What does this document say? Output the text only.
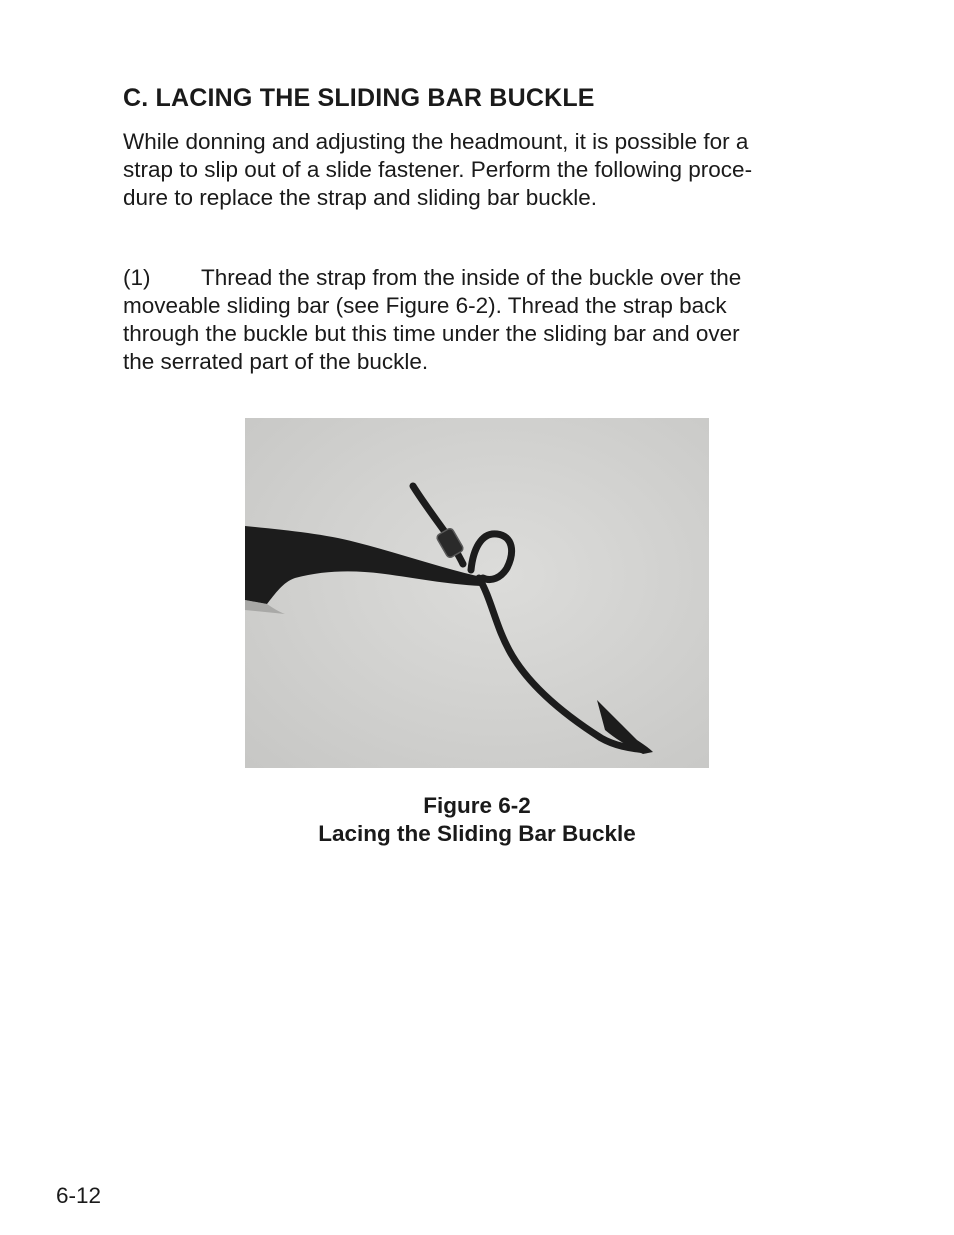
C. LACING THE SLIDING BAR BUCKLE

While donning and adjusting the headmount, it is possible for a
strap to slip out of a slide fastener. Perform the following proce-
dure to replace the strap and sliding bar buckle.

(1) Thread the strap from the inside of the buckle over the
moveable sliding bar (see Figure 6-2). Thread the strap back
through the buckle but this time under the sliding bar and over
the serrated part of the buckle.

Figure 6-2

Lacing the Sliding Bar Buckle

6-12
